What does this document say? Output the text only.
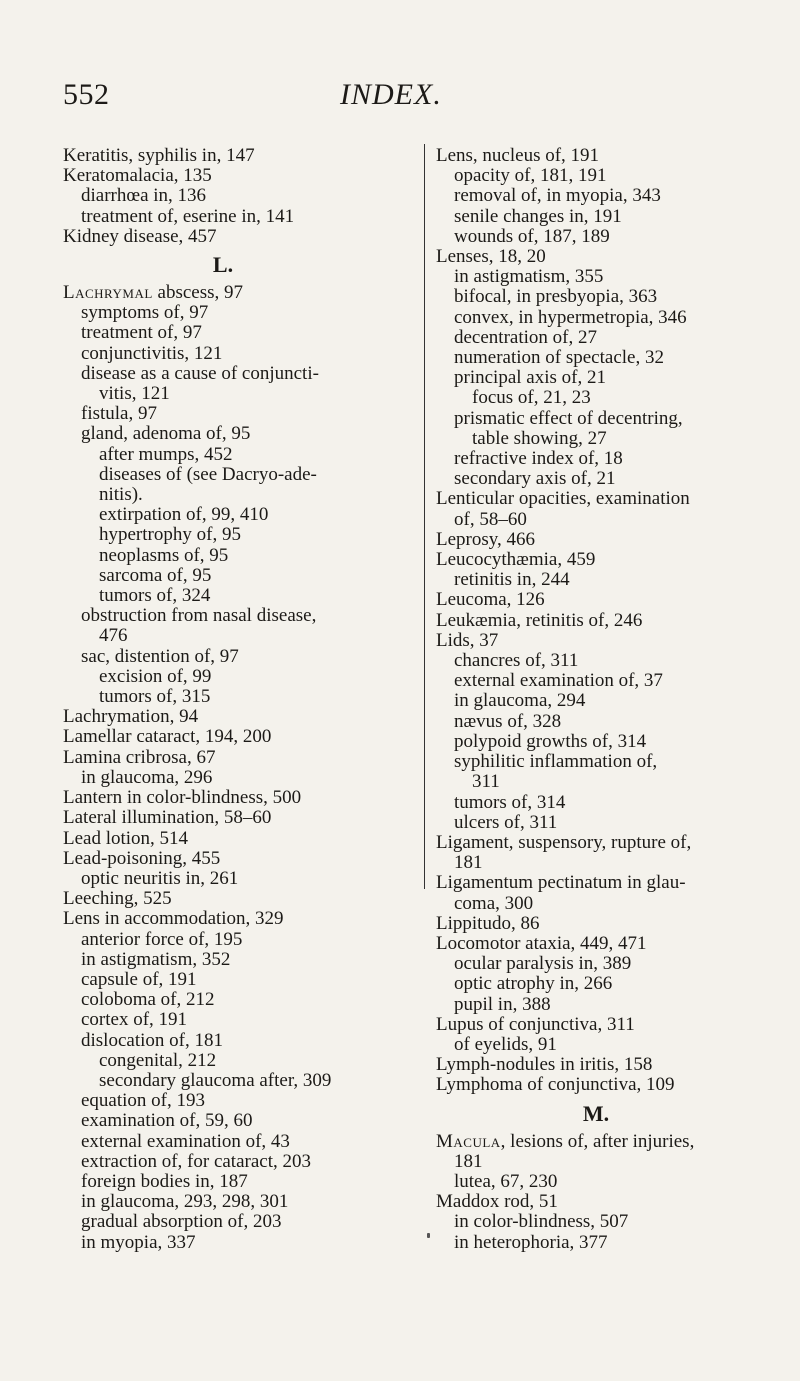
552	INDEX.
Keratitis, syphilis in, 147
Keratomalacia, 135
diarrhœa in, 136
treatment of, eserine in, 141
Kidney disease, 457
L.
Lachrymal abscess, 97
symptoms of, 97
treatment of, 97
conjunctivitis, 121
disease as a cause of conjuncti-
vitis, 121
fistula, 97
gland, adenoma of, 95
after mumps, 452
diseases of (see Dacryo-ade-
nitis).
extirpation of, 99, 410
hypertrophy of, 95
neoplasms of, 95
sarcoma of, 95
tumors of, 324
obstruction from nasal disease,
476
sac, distention of, 97
excision of, 99
tumors of, 315
Lachrymation, 94
Lamellar cataract, 194, 200
Lamina cribrosa, 67
in glaucoma, 296
Lantern in color-blindness, 500
Lateral illumination, 58–60
Lead lotion, 514
Lead-poisoning, 455
optic neuritis in, 261
Leeching, 525
Lens in accommodation, 329
anterior force of, 195
in astigmatism, 352
capsule of, 191
coloboma of, 212
cortex of, 191
dislocation of, 181
congenital, 212
secondary glaucoma after, 309
equation of, 193
examination of, 59, 60
external examination of, 43
extraction of, for cataract, 203
foreign bodies in, 187
in glaucoma, 293, 298, 301
gradual absorption of, 203
in myopia, 337
Lens, nucleus of, 191
opacity of, 181, 191
removal of, in myopia, 343
senile changes in, 191
wounds of, 187, 189
Lenses, 18, 20
in astigmatism, 355
bifocal, in presbyopia, 363
convex, in hypermetropia, 346
decentration of, 27
numeration of spectacle, 32
principal axis of, 21
focus of, 21, 23
prismatic effect of decentring,
table showing, 27
refractive index of, 18
secondary axis of, 21
Lenticular opacities, examination
of, 58–60
Leprosy, 466
Leucocythæmia, 459
retinitis in, 244
Leucoma, 126
Leukæmia, retinitis of, 246
Lids, 37
chancres of, 311
external examination of, 37
in glaucoma, 294
nævus of, 328
polypoid growths of, 314
syphilitic inflammation of,
311
tumors of, 314
ulcers of, 311
Ligament, suspensory, rupture of,
181
Ligamentum pectinatum in glau-
coma, 300
Lippitudo, 86
Locomotor ataxia, 449, 471
ocular paralysis in, 389
optic atrophy in, 266
pupil in, 388
Lupus of conjunctiva, 311
of eyelids, 91
Lymph-nodules in iritis, 158
Lymphoma of conjunctiva, 109
M.
Macula, lesions of, after injuries,
181
lutea, 67, 230
Maddox rod, 51
in color-blindness, 507
in heterophoria, 377
